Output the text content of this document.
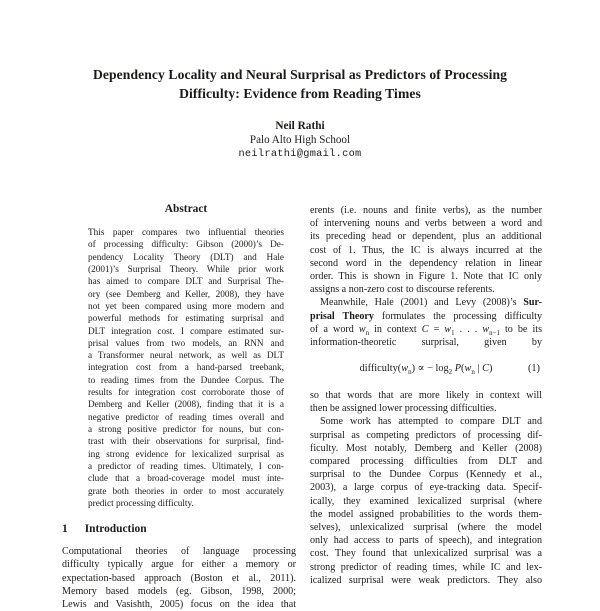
Dependency Locality and Neural Surprisal as Predictors of Processing
Difficulty: Evidence from Reading Times
Neil Rathi
Palo Alto High School
neilrathi@gmail.com
Abstract
This paper compares two influential theories
of processing difficulty: Gibson (2000)’s De-
pendency Locality Theory (DLT) and Hale
(2001)’s Surprisal Theory. While prior work
has aimed to compare DLT and Surprisal The-
ory (see Demberg and Keller, 2008), they have
not yet been compared using more modern and
powerful methods for estimating surprisal and
DLT integration cost. I compare estimated sur-
prisal values from two models, an RNN and
a Transformer neural network, as well as DLT
integration cost from a hand-parsed treebank,
to reading times from the Dundee Corpus. The
results for integration cost corroborate those of
Demberg and Keller (2008), finding that it is a
negative predictor of reading times overall and
a strong positive predictor for nouns, but con-
trast with their observations for surprisal, find-
ing strong evidence for lexicalized surprisal as
a predictor of reading times. Ultimately, I con-
clude that a broad-coverage model must inte-
grate both theories in order to most accurately
predict processing difficulty.
1 Introduction
Computational theories of language processing
difficulty typically argue for either a memory or
expectation-based approach (Boston et al., 2011).
Memory based models (eg. Gibson, 1998, 2000;
Lewis and Vasishth, 2005) focus on the idea that
erents (i.e. nouns and finite verbs), as the number
of intervening nouns and verbs between a word and
its preceding head or dependent, plus an additional
cost of 1. Thus, the IC is always incurred at the
second word in the dependency relation in linear
order. This is shown in Figure 1. Note that IC only
assigns a non-zero cost to discourse referents.
Meanwhile, Hale (2001) and Levy (2008)’s Sur-
prisal Theory formulates the processing difficulty
of a word $w_n$ in context $C = w_1$ . . . $w_{n-1}$ to be its
information-theoretic surprisal, given by
$difficulty(w_n)$ ∝ − $\log_2 P(w_n$ | C)	(1)
so that words that are more likely in context will
then be assigned lower processing difficulties.
Some work has attempted to compare DLT and
surprisal as competing predictors of processing dif-
ficulty. Most notably, Demberg and Keller (2008)
compared processing difficulties from DLT and
surprisal to the Dundee Corpus (Kennedy et al.,
2003), a large corpus of eye-tracking data. Specif-
ically, they examined lexicalized surprisal (where
the model assigned probabilities to the words them-
selves), unlexicalized surprisal (where the model
only had access to parts of speech), and integration
cost. They found that unlexicalized surprisal was a
strong predictor of reading times, while IC and lex-
icalized surprisal were weak predictors. They also
